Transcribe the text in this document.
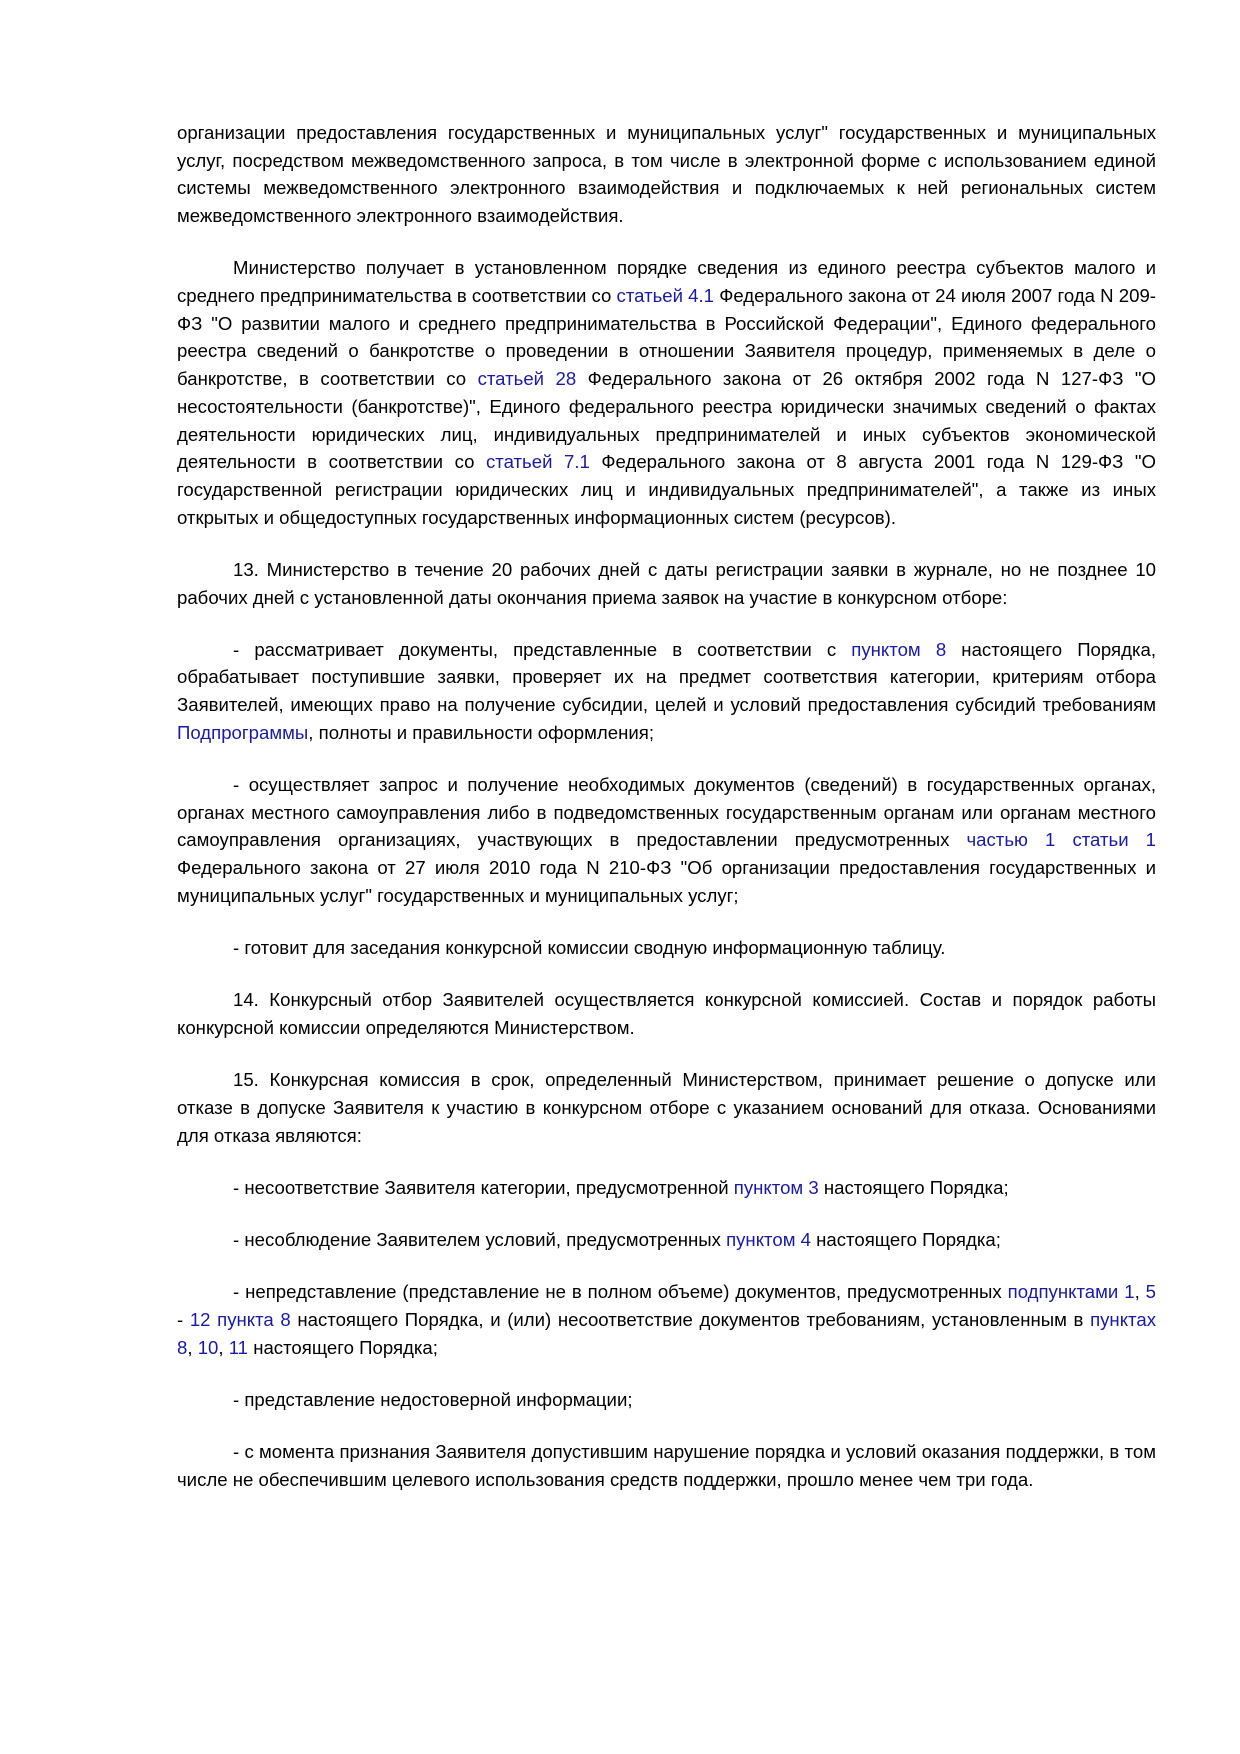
организации предоставления государственных и муниципальных услуг" государственных и муниципальных услуг, посредством межведомственного запроса, в том числе в электронной форме с использованием единой системы межведомственного электронного взаимодействия и подключаемых к ней региональных систем межведомственного электронного взаимодействия.

Министерство получает в установленном порядке сведения из единого реестра субъектов малого и среднего предпринимательства в соответствии со статьей 4.1 Федерального закона от 24 июля 2007 года N 209-ФЗ "О развитии малого и среднего предпринимательства в Российской Федерации", Единого федерального реестра сведений о банкротстве о проведении в отношении Заявителя процедур, применяемых в деле о банкротстве, в соответствии со статьей 28 Федерального закона от 26 октября 2002 года N 127-ФЗ "О несостоятельности (банкротстве)", Единого федерального реестра юридически значимых сведений о фактах деятельности юридических лиц, индивидуальных предпринимателей и иных субъектов экономической деятельности в соответствии со статьей 7.1 Федерального закона от 8 августа 2001 года N 129-ФЗ "О государственной регистрации юридических лиц и индивидуальных предпринимателей", а также из иных открытых и общедоступных государственных информационных систем (ресурсов).

13. Министерство в течение 20 рабочих дней с даты регистрации заявки в журнале, но не позднее 10 рабочих дней с установленной даты окончания приема заявок на участие в конкурсном отборе:

- рассматривает документы, представленные в соответствии с пунктом 8 настоящего Порядка, обрабатывает поступившие заявки, проверяет их на предмет соответствия категории, критериям отбора Заявителей, имеющих право на получение субсидии, целей и условий предоставления субсидий требованиям Подпрограммы, полноты и правильности оформления;

- осуществляет запрос и получение необходимых документов (сведений) в государственных органах, органах местного самоуправления либо в подведомственных государственным органам или органам местного самоуправления организациях, участвующих в предоставлении предусмотренных частью 1 статьи 1 Федерального закона от 27 июля 2010 года N 210-ФЗ "Об организации предоставления государственных и муниципальных услуг" государственных и муниципальных услуг;

- готовит для заседания конкурсной комиссии сводную информационную таблицу.

14. Конкурсный отбор Заявителей осуществляется конкурсной комиссией. Состав и порядок работы конкурсной комиссии определяются Министерством.

15. Конкурсная комиссия в срок, определенный Министерством, принимает решение о допуске или отказе в допуске Заявителя к участию в конкурсном отборе с указанием оснований для отказа. Основаниями для отказа являются:

- несоответствие Заявителя категории, предусмотренной пунктом 3 настоящего Порядка;

- несоблюдение Заявителем условий, предусмотренных пунктом 4 настоящего Порядка;

- непредставление (представление не в полном объеме) документов, предусмотренных подпунктами 1, 5 - 12 пункта 8 настоящего Порядка, и (или) несоответствие документов требованиям, установленным в пунктах 8, 10, 11 настоящего Порядка;

- представление недостоверной информации;

- с момента признания Заявителя допустившим нарушение порядка и условий оказания поддержки, в том числе не обеспечившим целевого использования средств поддержки, прошло менее чем три года.
